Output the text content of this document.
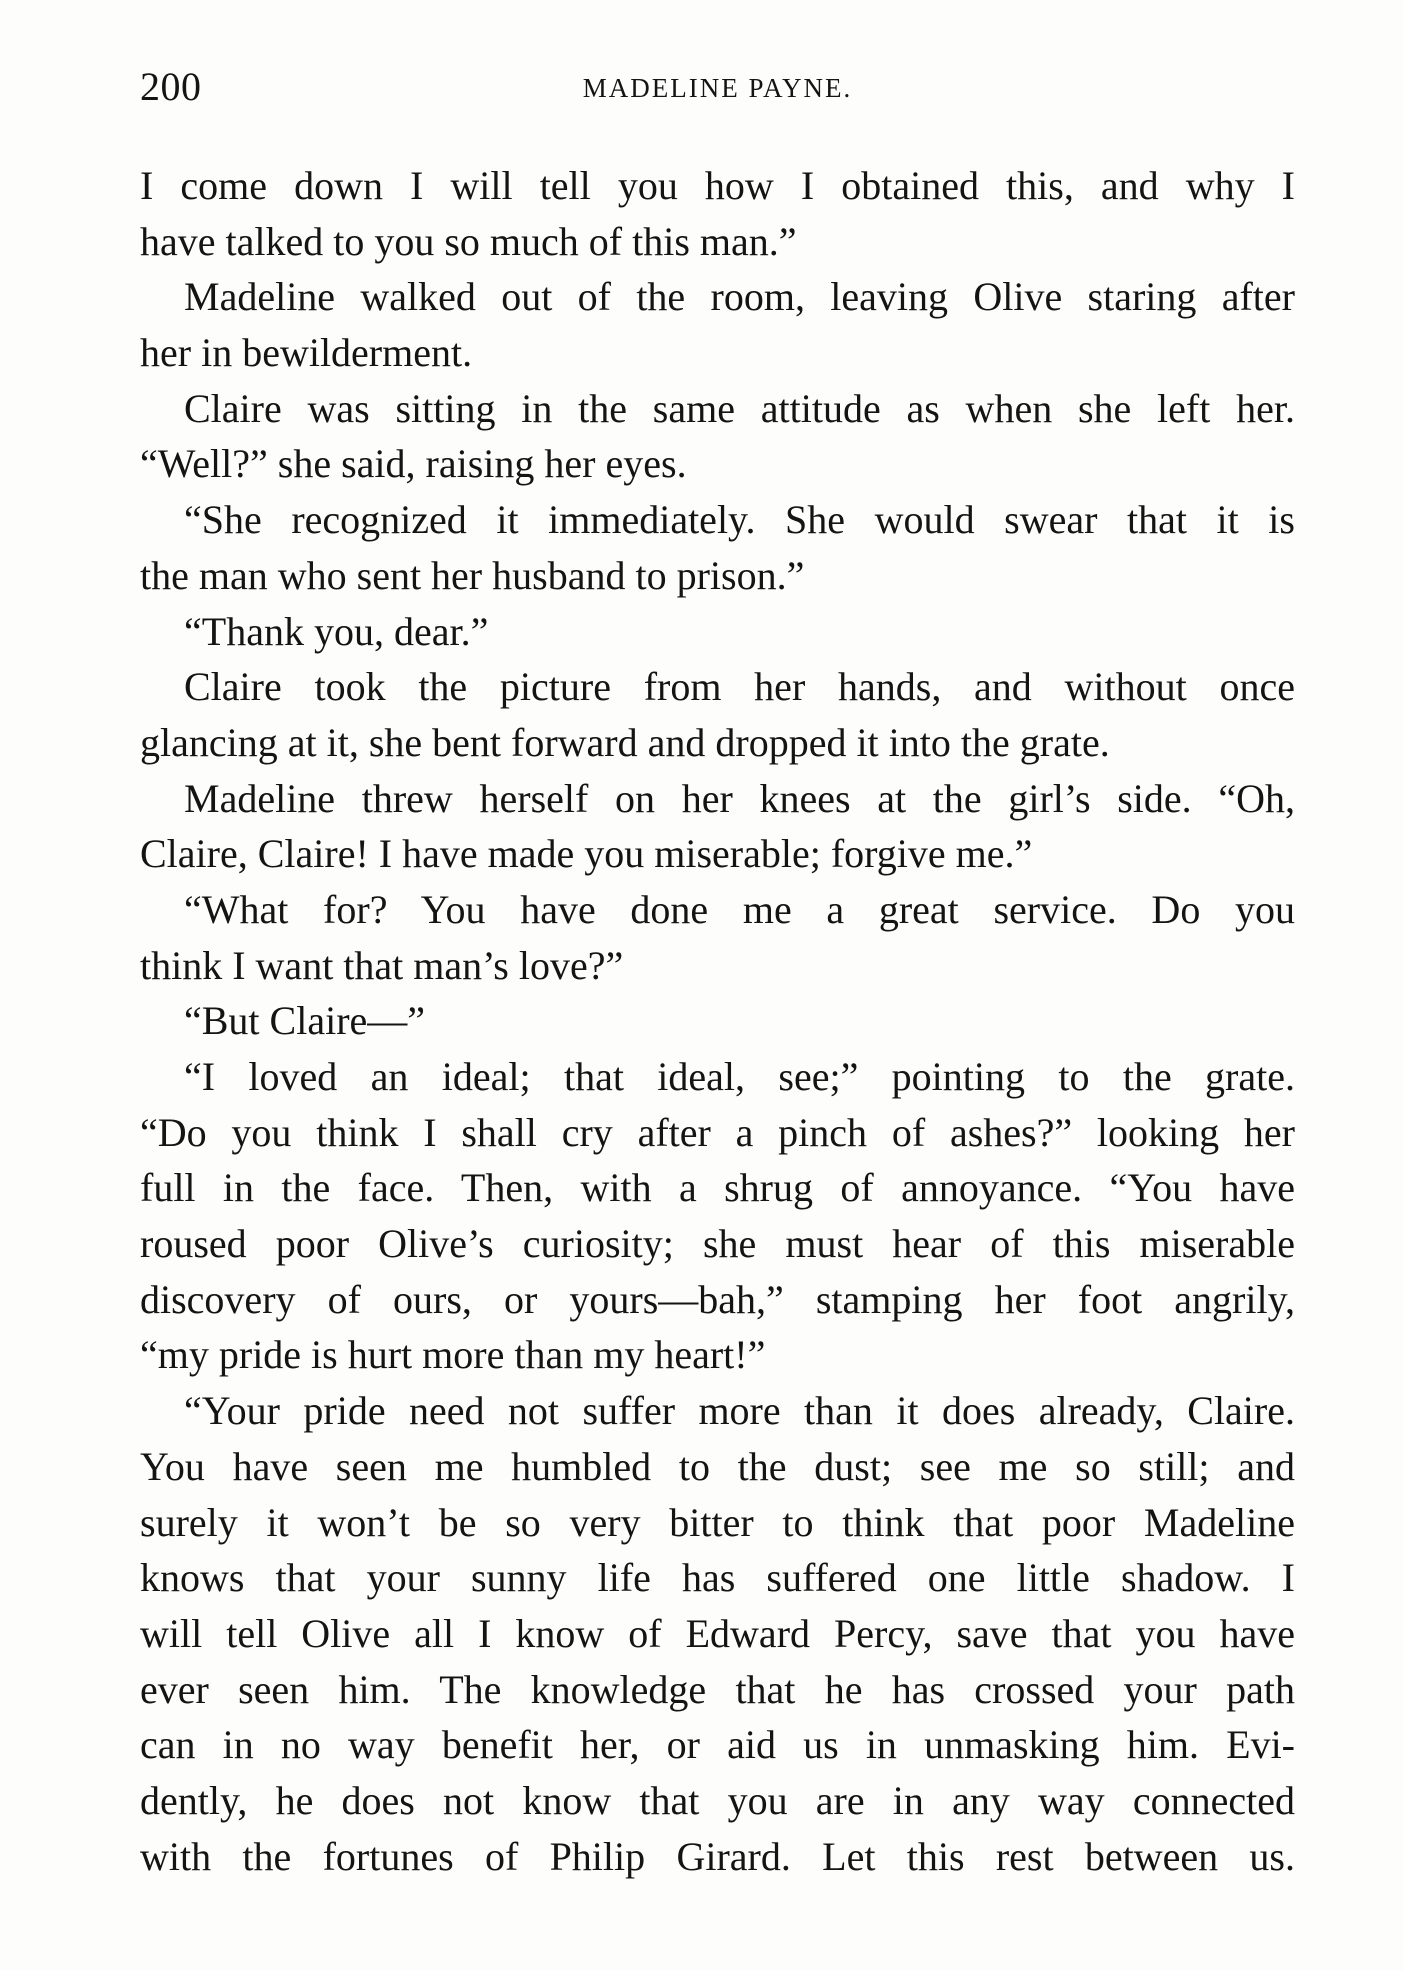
200	MADELINE PAYNE.
I come down I will tell you how I obtained this, and why I
have talked to you so much of this man.”
Madeline walked out of the room, leaving Olive staring after
her in bewilderment.
Claire was sitting in the same attitude as when she left her.
“Well?” she said, raising her eyes.
“She recognized it immediately. She would swear that it is
the man who sent her husband to prison.”
“Thank you, dear.”
Claire took the picture from her hands, and without once
glancing at it, she bent forward and dropped it into the grate.
Madeline threw herself on her knees at the girl’s side. “Oh,
Claire, Claire! I have made you miserable; forgive me.”
“What for? You have done me a great service. Do you
think I want that man’s love?”
“But Claire—”
“I loved an ideal; that ideal, see;” pointing to the grate.
“Do you think I shall cry after a pinch of ashes?” looking her
full in the face. Then, with a shrug of annoyance. “You have
roused poor Olive’s curiosity; she must hear of this miserable
discovery of ours, or yours—bah,” stamping her foot angrily,
“my pride is hurt more than my heart!”
“Your pride need not suffer more than it does already, Claire.
You have seen me humbled to the dust; see me so still; and
surely it won’t be so very bitter to think that poor Madeline
knows that your sunny life has suffered one little shadow. I
will tell Olive all I know of Edward Percy, save that you have
ever seen him. The knowledge that he has crossed your path
can in no way benefit her, or aid us in unmasking him. Evi-
dently, he does not know that you are in any way connected
with the fortunes of Philip Girard. Let this rest between us.
